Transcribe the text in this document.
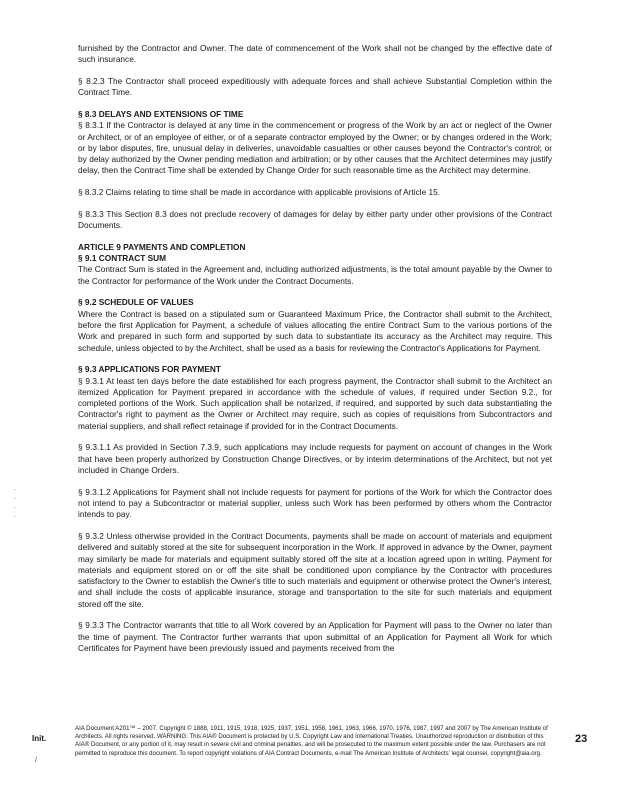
furnished by the Contractor and Owner. The date of commencement of the Work shall not be changed by the effective date of such insurance.
§ 8.2.3 The Contractor shall proceed expeditiously with adequate forces and shall achieve Substantial Completion within the Contract Time.
§ 8.3 DELAYS AND EXTENSIONS OF TIME
§ 8.3.1 If the Contractor is delayed at any time in the commencement or progress of the Work by an act or neglect of the Owner or Architect, or of an employee of either, or of a separate contractor employed by the Owner; or by changes ordered in the Work; or by labor disputes, fire, unusual delay in deliveries, unavoidable casualties or other causes beyond the Contractor's control; or by delay authorized by the Owner pending mediation and arbitration; or by other causes that the Architect determines may justify delay, then the Contract Time shall be extended by Change Order for such reasonable time as the Architect may determine.
§ 8.3.2 Claims relating to time shall be made in accordance with applicable provisions of Article 15.
§ 8.3.3 This Section 8.3 does not preclude recovery of damages for delay by either party under other provisions of the Contract Documents.
ARTICLE 9 PAYMENTS AND COMPLETION
§ 9.1 CONTRACT SUM
The Contract Sum is stated in the Agreement and, including authorized adjustments, is the total amount payable by the Owner to the Contractor for performance of the Work under the Contract Documents.
§ 9.2 SCHEDULE OF VALUES
Where the Contract is based on a stipulated sum or Guaranteed Maximum Price, the Contractor shall submit to the Architect, before the first Application for Payment, a schedule of values allocating the entire Contract Sum to the various portions of the Work and prepared in such form and supported by such data to substantiate its accuracy as the Architect may require. This schedule, unless objected to by the Architect, shall be used as a basis for reviewing the Contractor's Applications for Payment.
§ 9.3 APPLICATIONS FOR PAYMENT
§ 9.3.1 At least ten days before the date established for each progress payment, the Contractor shall submit to the Architect an itemized Application for Payment prepared in accordance with the schedule of values, if required under Section 9.2., for completed portions of the Work. Such application shall be notarized, if required, and supported by such data substantiating the Contractor's right to payment as the Owner or Architect may require, such as copies of requisitions from Subcontractors and material suppliers, and shall reflect retainage if provided for in the Contract Documents.
§ 9.3.1.1 As provided in Section 7.3.9, such applications may include requests for payment on account of changes in the Work that have been properly authorized by Construction Change Directives, or by interim determinations of the Architect, but not yet included in Change Orders.
§ 9.3.1.2 Applications for Payment shall not include requests for payment for portions of the Work for which the Contractor does not intend to pay a Subcontractor or material supplier, unless such Work has been performed by others whom the Contractor intends to pay.
§ 9.3.2 Unless otherwise provided in the Contract Documents, payments shall be made on account of materials and equipment delivered and suitably stored at the site for subsequent incorporation in the Work. If approved in advance by the Owner, payment may similarly be made for materials and equipment suitably stored off the site at a location agreed upon in writing. Payment for materials and equipment stored on or off the site shall be conditioned upon compliance by the Contractor with procedures satisfactory to the Owner to establish the Owner's title to such materials and equipment or otherwise protect the Owner's interest, and shall include the costs of applicable insurance, storage and transportation to the site for such materials and equipment stored off the site.
§ 9.3.3 The Contractor warrants that title to all Work covered by an Application for Payment will pass to the Owner no later than the time of payment. The Contractor further warrants that upon submittal of an Application for Payment all Work for which Certificates for Payment have been previously issued and payments received from the
.
.
.
.
Init.
/
AIA Document A201™ – 2007. Copyright © 1888, 1911, 1915, 1918, 1925, 1937, 1951, 1958, 1961, 1963, 1966, 1970, 1976, 1987, 1997 and 2007 by The American Institute of Architects. All rights reserved. WARNING: This AIA® Document is protected by U.S. Copyright Law and International Treaties. Unauthorized reproduction or distribution of this AIA® Document, or any portion of it, may result in severe civil and criminal penalties, and will be prosecuted to the maximum extent possible under the law. Purchasers are not permitted to reproduce this document. To report copyright violations of AIA Contract Documents, e-mail The American Institute of Architects' legal counsel, copyright@aia.org.
23
